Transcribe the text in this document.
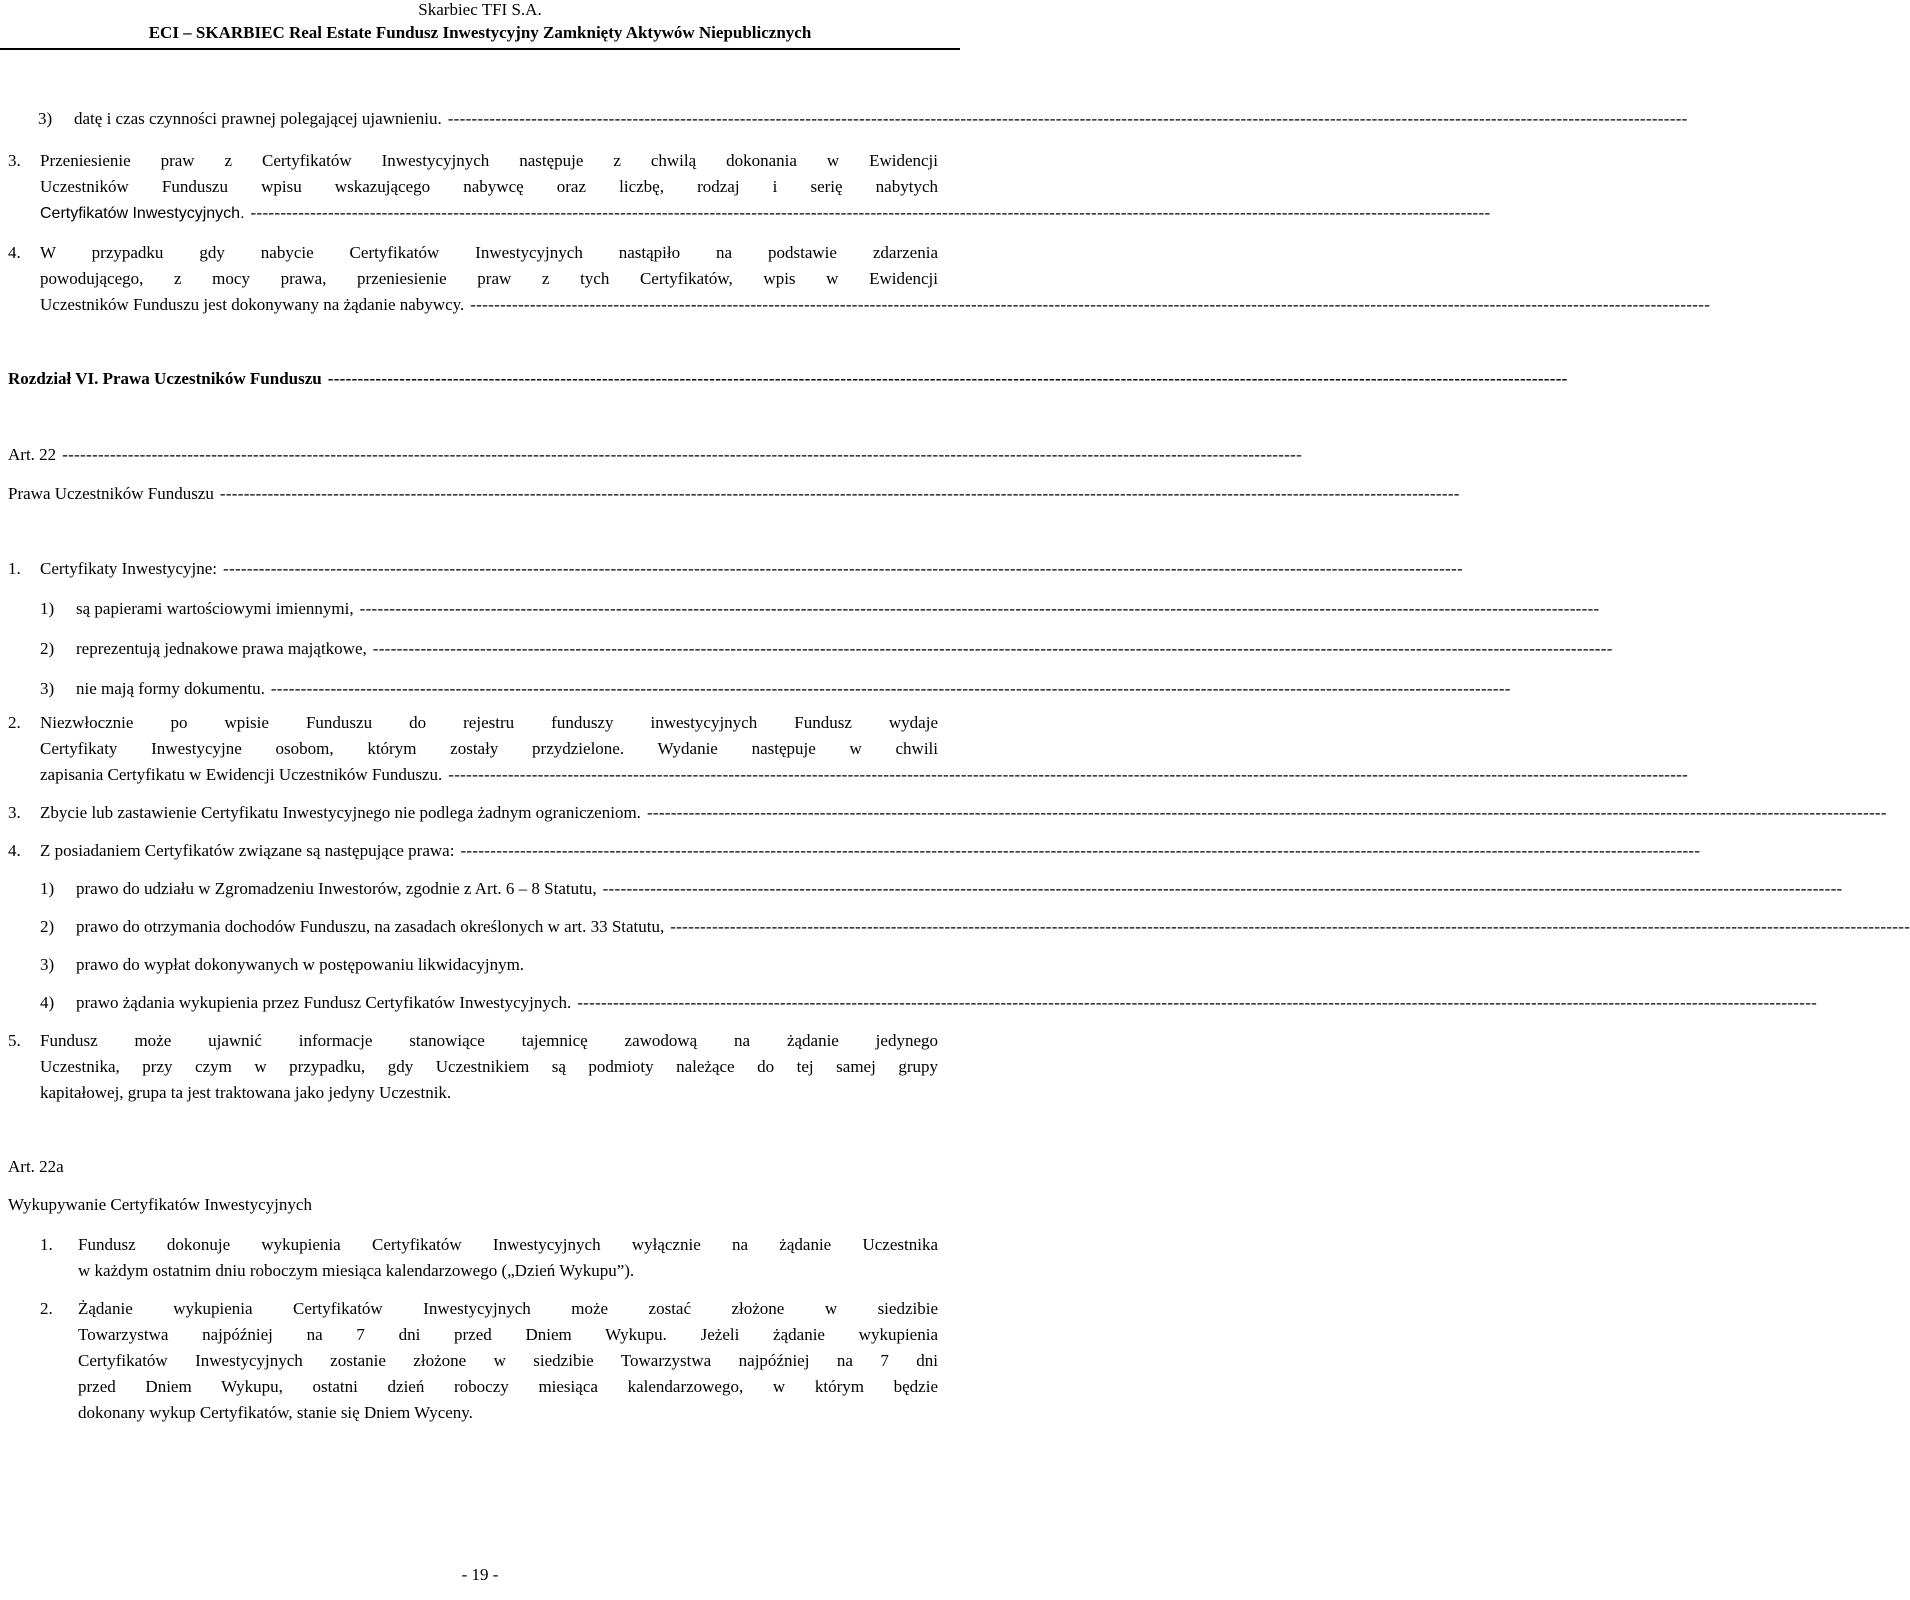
Skarbiec TFI S.A.
ECI – SKARBIEC Real Estate Fundusz Inwestycyjny Zamknięty Aktywów Niepublicznych
3) datę i czas czynności prawnej polegającej ujawnieniu. ----------------------------------------------------------------------------------------------------------------------------------------------------------------------------------------------------------------
3. Przeniesienie praw z Certyfikatów Inwestycyjnych następuje z chwilą dokonania w Ewidencji
Uczestników Funduszu wpisu wskazującego nabywcę oraz liczbę, rodzaj i serię nabytych
Certyfikatów Inwestycyjnych. ----------------------------------------------------------------------------------------------------------------------------------------------------------------------------------------------------------------
4. W przypadku gdy nabycie Certyfikatów Inwestycyjnych nastąpiło na podstawie zdarzenia
powodującego, z mocy prawa, przeniesienie praw z tych Certyfikatów, wpis w Ewidencji
Uczestników Funduszu jest dokonywany na żądanie nabywcy. ----------------------------------------------------------------------------------------------------------------------------------------------------------------------------------------------------------------
Rozdział VI. Prawa Uczestników Funduszu ----------------------------------------------------------------------------------------------------------------------------------------------------------------------------------------------------------------
Art. 22 ----------------------------------------------------------------------------------------------------------------------------------------------------------------------------------------------------------------
Prawa Uczestników Funduszu ----------------------------------------------------------------------------------------------------------------------------------------------------------------------------------------------------------------
1. Certyfikaty Inwestycyjne: ----------------------------------------------------------------------------------------------------------------------------------------------------------------------------------------------------------------
1) są papierami wartościowymi imiennymi, ----------------------------------------------------------------------------------------------------------------------------------------------------------------------------------------------------------------
2) reprezentują jednakowe prawa majątkowe, ----------------------------------------------------------------------------------------------------------------------------------------------------------------------------------------------------------------
3) nie mają formy dokumentu. ----------------------------------------------------------------------------------------------------------------------------------------------------------------------------------------------------------------
2. Niezwłocznie po wpisie Funduszu do rejestru funduszy inwestycyjnych Fundusz wydaje
Certyfikaty Inwestycyjne osobom, którym zostały przydzielone. Wydanie następuje w chwili
zapisania Certyfikatu w Ewidencji Uczestników Funduszu. ----------------------------------------------------------------------------------------------------------------------------------------------------------------------------------------------------------------
3. Zbycie lub zastawienie Certyfikatu Inwestycyjnego nie podlega żadnym ograniczeniom. ----------------------------------------------------------------------------------------------------------------------------------------------------------------------------------------------------------------
4. Z posiadaniem Certyfikatów związane są następujące prawa: ----------------------------------------------------------------------------------------------------------------------------------------------------------------------------------------------------------------
1) prawo do udziału w Zgromadzeniu Inwestorów, zgodnie z Art. 6 – 8 Statutu, ----------------------------------------------------------------------------------------------------------------------------------------------------------------------------------------------------------------
2) prawo do otrzymania dochodów Funduszu, na zasadach określonych w art. 33 Statutu, ----------------------------------------------------------------------------------------------------------------------------------------------------------------------------------------------------------------
3) prawo do wypłat dokonywanych w postępowaniu likwidacyjnym.
4) prawo żądania wykupienia przez Fundusz Certyfikatów Inwestycyjnych. ----------------------------------------------------------------------------------------------------------------------------------------------------------------------------------------------------------------
5. Fundusz może ujawnić informacje stanowiące tajemnicę zawodową na żądanie jedynego
Uczestnika, przy czym w przypadku, gdy Uczestnikiem są podmioty należące do tej samej grupy
kapitałowej, grupa ta jest traktowana jako jedyny Uczestnik.
Art. 22a
Wykupywanie Certyfikatów Inwestycyjnych
1. Fundusz dokonuje wykupienia Certyfikatów Inwestycyjnych wyłącznie na żądanie Uczestnika
w każdym ostatnim dniu roboczym miesiąca kalendarzowego („Dzień Wykupu”).
2. Żądanie wykupienia Certyfikatów Inwestycyjnych może zostać złożone w siedzibie
Towarzystwa najpóźniej na 7 dni przed Dniem Wykupu. Jeżeli żądanie wykupienia
Certyfikatów Inwestycyjnych zostanie złożone w siedzibie Towarzystwa najpóźniej na 7 dni
przed Dniem Wykupu, ostatni dzień roboczy miesiąca kalendarzowego, w którym będzie
dokonany wykup Certyfikatów, stanie się Dniem Wyceny.
- 19 -
